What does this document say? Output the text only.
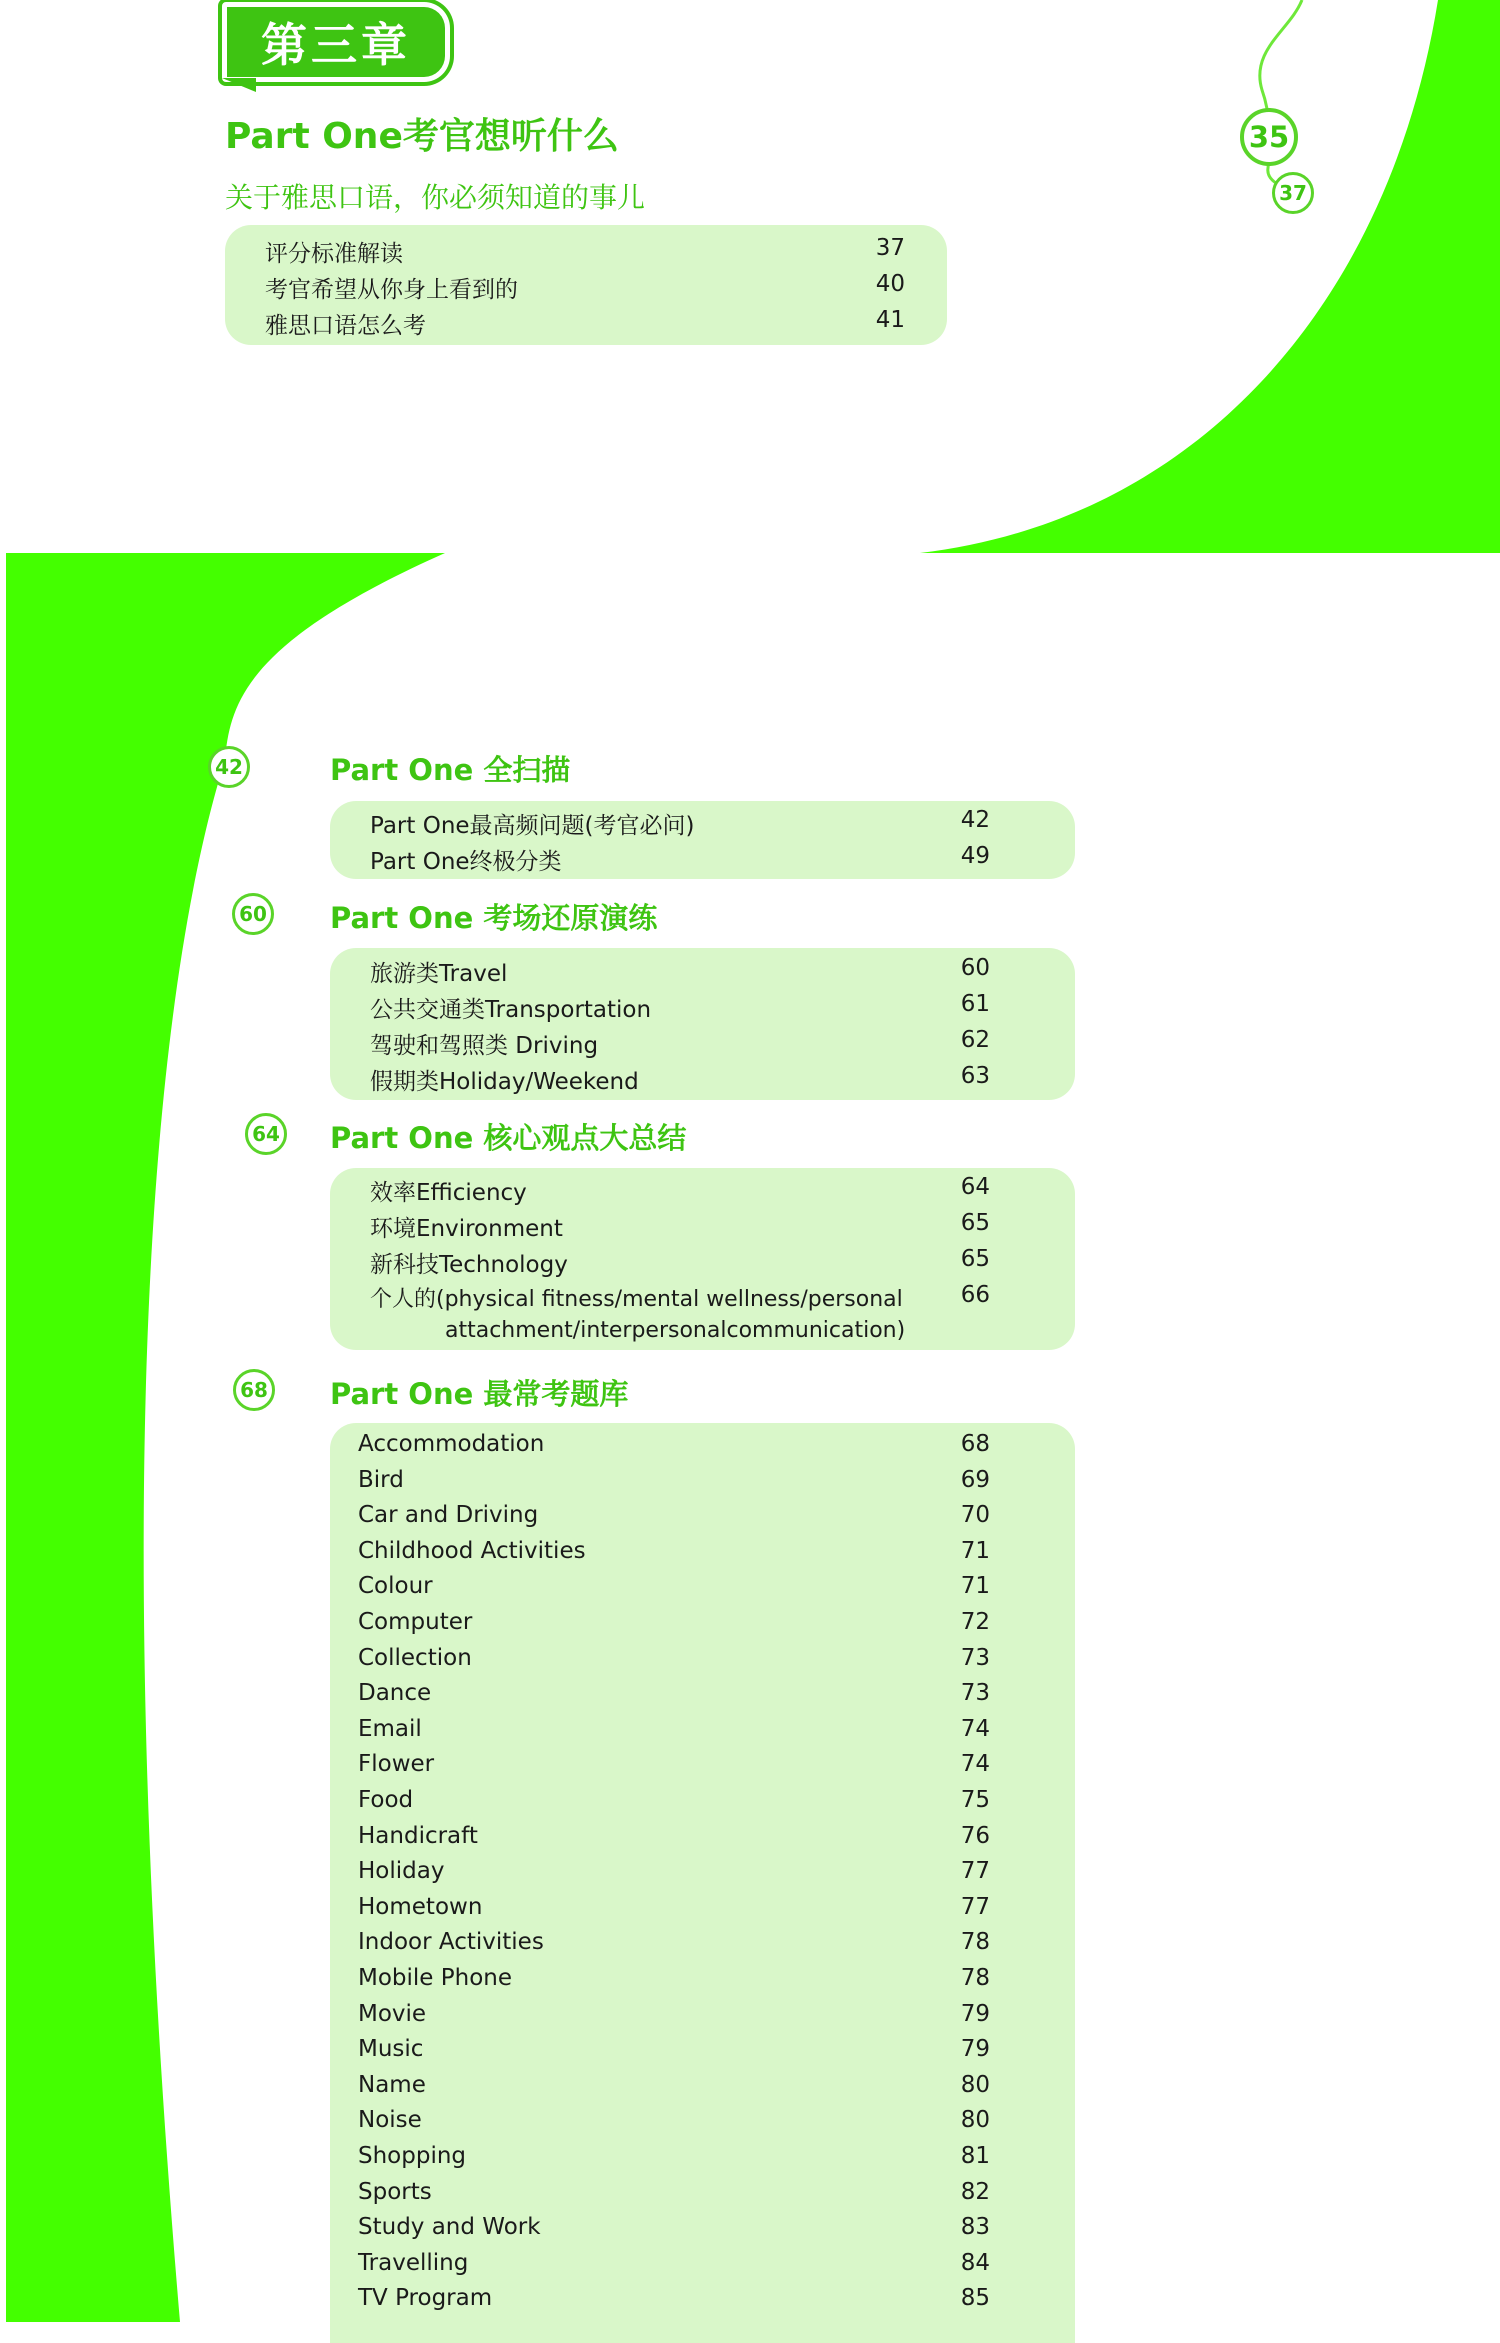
35
37
第三章
Part One考官想听什么
关于雅思口语，你必须知道的事儿
评分标准解读	37
考官希望从你身上看到的	40
雅思口语怎么考	41
42	Part One 全扫描
Part One最高频问题(考官必问)	42
Part One终极分类	49
60 Part One 考场还原演练
旅游类Travel	60
公共交通类Transportation	61
驾驶和驾照类 Driving	62
假期类Holiday/Weekend	63
64 Part One 核心观点大总结
效率Efficiency	64
环境Environment	65
新科技Technology	65
个人的(physical fitness/mental wellness/personal	66
attachment/interpersonalcommunication)
68 Part One 最常考题库
Accommodation	68
Bird	69
Car and Driving	70
Childhood Activities	71
Colour	71
Computer	72
Collection	73
Dance	73
Email	74
Flower	74
Food	75
Handicraft	76
Holiday	77
Hometown	77
Indoor Activities	78
Mobile Phone	78
Movie	79
Music	79
Name	80
Noise	80
Shopping	81
Sports	82
Study and Work	83
Travelling	84
TV Program	85
